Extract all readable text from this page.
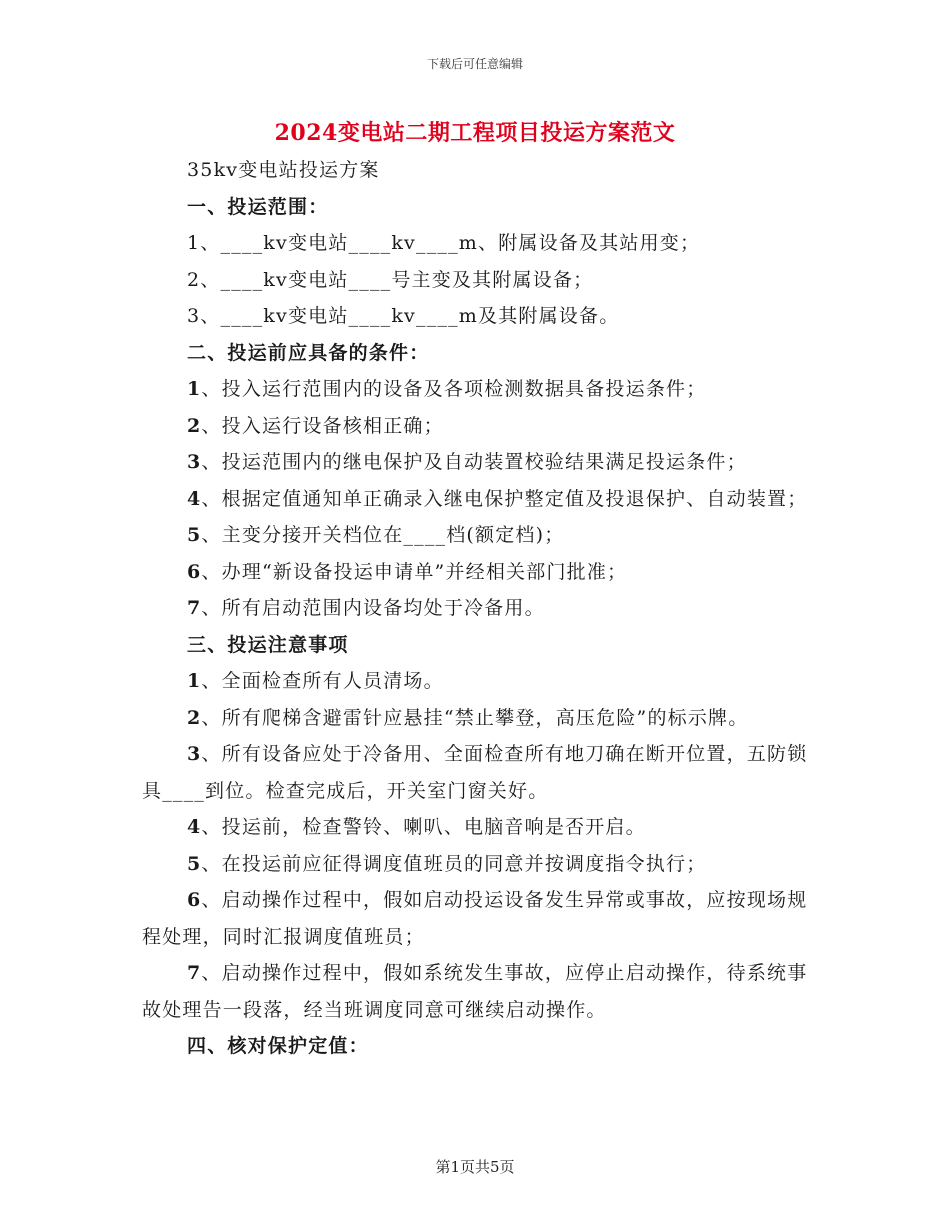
下载后可任意编辑
2024变电站二期工程项目投运方案范文

35kv变电站投运方案

一、投运范围：

1、____kv变电站____kv____m、附属设备及其站用变；

2、____kv变电站____号主变及其附属设备；

3、____kv变电站____kv____m及其附属设备。

二、投运前应具备的条件：

1、投入运行范围内的设备及各项检测数据具备投运条件；

2、投入运行设备核相正确；

3、投运范围内的继电保护及自动装置校验结果满足投运条件；

4、根据定值通知单正确录入继电保护整定值及投退保护、自动装置；

5、主变分接开关档位在____档(额定档)；

6、办理“新设备投运申请单”并经相关部门批准；

7、所有启动范围内设备均处于冷备用。

三、投运注意事项

1、全面检查所有人员清场。

2、所有爬梯含避雷针应悬挂“禁止攀登，高压危险”的标示牌。

3、所有设备应处于冷备用、全面检查所有地刀确在断开位置，五防锁具____到位。检查完成后，开关室门窗关好。

4、投运前，检查警铃、喇叭、电脑音响是否开启。

5、在投运前应征得调度值班员的同意并按调度指令执行；

6、启动操作过程中，假如启动投运设备发生异常或事故，应按现场规程处理，同时汇报调度值班员；

7、启动操作过程中，假如系统发生事故，应停止启动操作，待系统事故处理告一段落，经当班调度同意可继续启动操作。

四、核对保护定值：

第1页共5页
